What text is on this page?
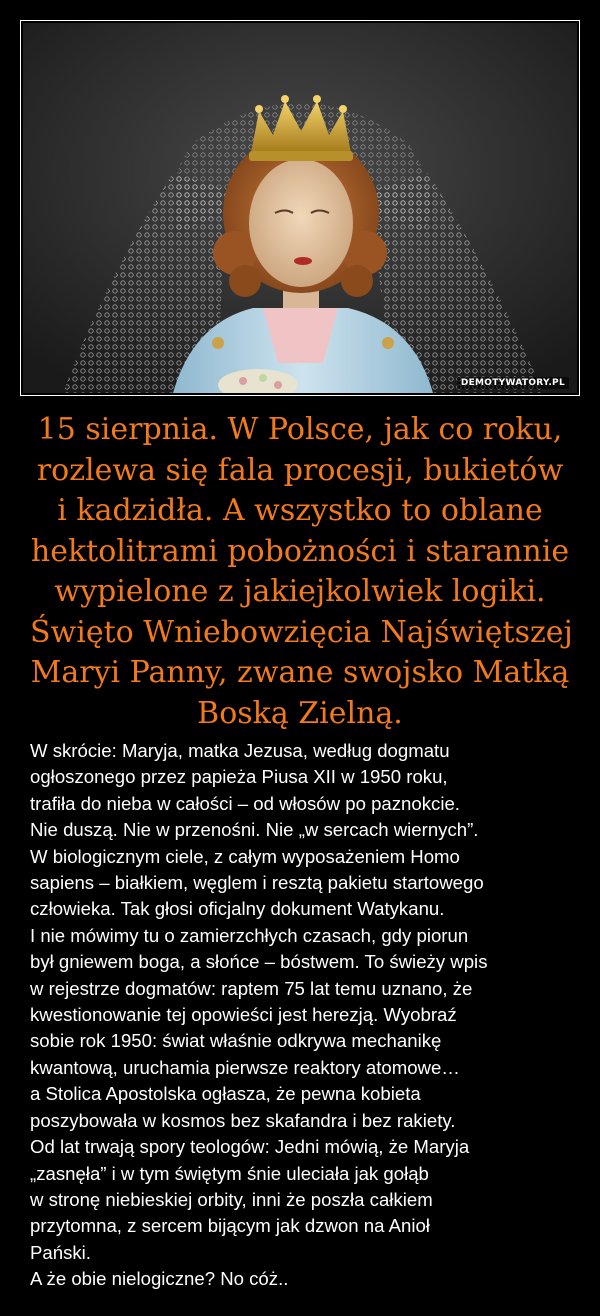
DEMOTYWATORY.PL
15 sierpnia. W Polsce, jak co roku,
rozlewa się fala procesji, bukietów
i kadzidła. A wszystko to oblane
hektolitrami pobożności i starannie
wypielone z jakiejkolwiek logiki.
Święto Wniebowzięcia Najświętszej
Maryi Panny, zwane swojsko Matką
Boską Zielną.
W skrócie: Maryja, matka Jezusa, według dogmatu
ogłoszonego przez papieża Piusa XII w 1950 roku,
trafiła do nieba w całości – od włosów po paznokcie.
Nie duszą. Nie w przenośni. Nie „w sercach wiernych”.
W biologicznym ciele, z całym wyposażeniem Homo
sapiens – białkiem, węglem i resztą pakietu startowego
człowieka. Tak głosi oficjalny dokument Watykanu.
I nie mówimy tu o zamierzchłych czasach, gdy piorun
był gniewem boga, a słońce – bóstwem. To świeży wpis
w rejestrze dogmatów: raptem 75 lat temu uznano, że
kwestionowanie tej opowieści jest herezją. Wyobraź
sobie rok 1950: świat właśnie odkrywa mechanikę
kwantową, uruchamia pierwsze reaktory atomowe…
a Stolica Apostolska ogłasza, że pewna kobieta
poszybowała w kosmos bez skafandra i bez rakiety.
Od lat trwają spory teologów: Jedni mówią, że Maryja
„zasnęła” i w tym świętym śnie uleciała jak gołąb
w stronę niebieskiej orbity, inni że poszła całkiem
przytomna, z sercem bijącym jak dzwon na Anioł
Pański.
A że obie nielogiczne? No cóż..
